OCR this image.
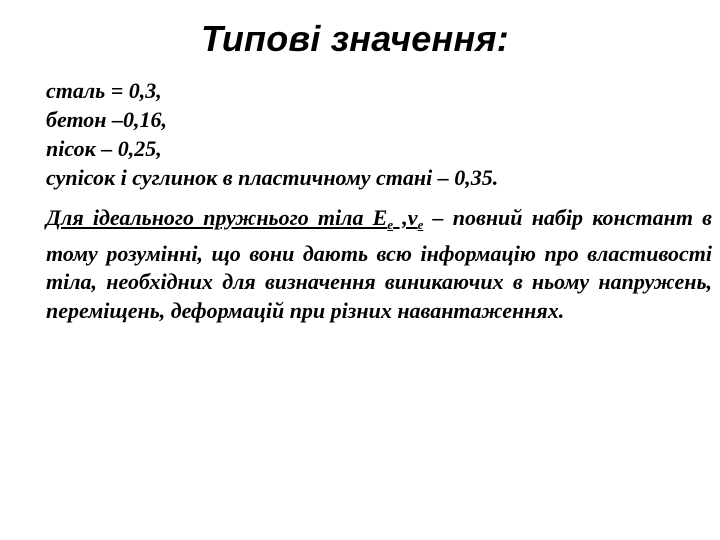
Типові значення:

сталь = 0,3,

бетон –0,16,

пісок – 0,25,

супісок і суглинок в пластичному стані – 0,35.

Для ідеального пружнього тіла $E_e$ $,\nu_e$ – повний набір констант в тому розумінні, що вони дають всю інформацію про властивості тіла, необхідних для визначення виникаючих в ньому напружень, переміщень, деформацій при різних навантаженнях.
